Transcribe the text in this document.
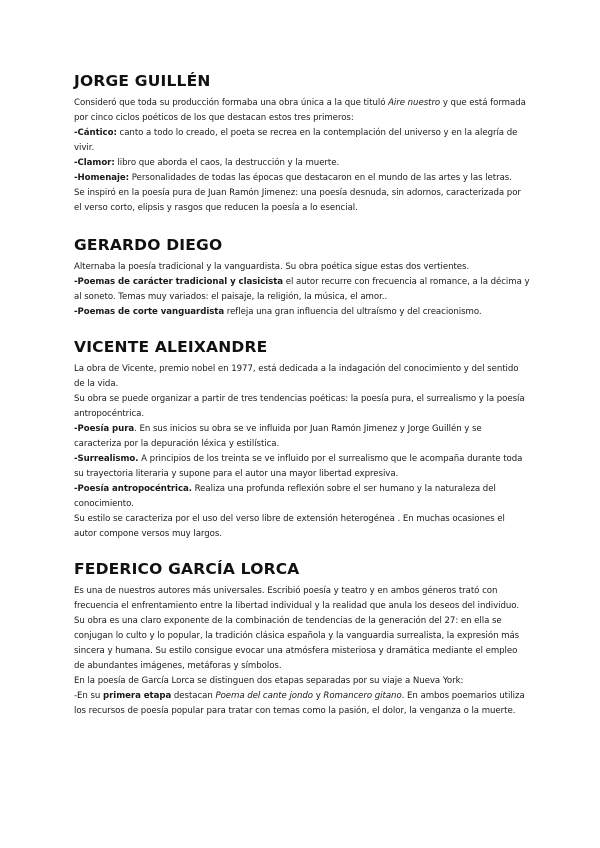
JORGE GUILLÉN

Consideró que toda su producción formaba una obra única a la que tituló Aire nuestro y que está formada por cinco ciclos poéticos de los que destacan estos tres primeros:

-Cántico: canto a todo lo creado, el poeta se recrea en la contemplación del universo y en la alegría de vivir.

-Clamor: libro que aborda el caos, la destrucción y la muerte.

-Homenaje: Personalidades de todas las épocas que destacaron en el mundo de las artes y las letras.

Se inspiró en la poesía pura de Juan Ramón Jimenez: una poesía desnuda, sin adornos, caracterizada por el verso corto, elipsis y rasgos que reducen la poesía a lo esencial.

GERARDO DIEGO

Alternaba la poesía tradicional y la vanguardista. Su obra poética sigue estas dos vertientes.

-Poemas de carácter tradicional y clasicista el autor recurre con frecuencia al romance, a la décima y al soneto. Temas muy variados: el paisaje, la religión, la música, el amor..

-Poemas de corte vanguardista refleja una gran influencia del ultraísmo y del creacionismo.

VICENTE ALEIXANDRE

La obra de Vicente, premio nobel en 1977, está dedicada a la indagación del conocimiento y del sentido de la vida.

Su obra se puede organizar a partir de tres tendencias poéticas: la poesía pura, el surrealismo y la poesía antropocéntrica.

-Poesía pura. En sus inicios su obra se ve influida por Juan Ramón Jimenez y Jorge Guillén y se caracteriza por la depuración léxica y estilística.

-Surrealismo. A principios de los treinta se ve influido por el surrealismo que le acompaña durante toda su trayectoria literaria y supone para el autor una mayor libertad expresiva.

-Poesía antropocéntrica. Realiza una profunda reflexión sobre el ser humano y la naturaleza del conocimiento.

Su estilo se caracteriza por el uso del verso libre de extensión heterogénea . En muchas ocasiones el autor compone versos muy largos.

FEDERICO GARCÍA LORCA

Es una de nuestros autores más universales. Escribió poesía y teatro y en ambos géneros trató con frecuencia el enfrentamiento entre la libertad individual y la realidad que anula los deseos del individuo.

Su obra es una claro exponente de la combinación de tendencias de la generación del 27: en ella se conjugan lo culto y lo popular, la tradición clásica española y la vanguardia surrealista, la expresión más sincera y humana. Su estilo consigue evocar una atmósfera misteriosa y dramática mediante el empleo de abundantes imágenes, metáforas y símbolos.

En la poesía de García Lorca se distinguen dos etapas separadas por su viaje a Nueva York:

-En su primera etapa destacan Poema del cante jondo y Romancero gitano. En ambos poemarios utiliza los recursos de poesía popular para tratar con temas como la pasión, el dolor, la venganza o la muerte.
